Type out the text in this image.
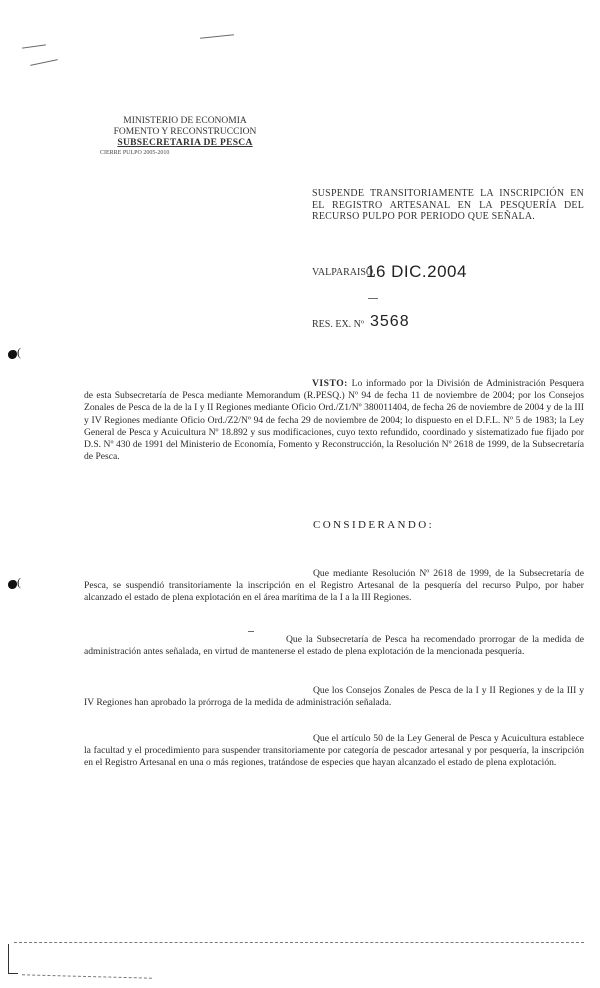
MINISTERIO DE ECONOMIA
FOMENTO Y RECONSTRUCCION
SUBSECRETARIA DE PESCA
CIERRE PULPO 2005-2010
SUSPENDE TRANSITORIAMENTE LA INSCRIPCIÓN EN EL REGISTRO ARTESANAL EN LA PESQUERÍA DEL RECURSO PULPO POR PERIODO QUE SEÑALA.
VALPARAISO,
16 DIC.2004
RES. EX. Nº 3568
(
(
VISTO: Lo informado por la División de Administración Pesquera de esta Subsecretaría de Pesca mediante Memorandum (R.PESQ.) Nº 94 de fecha 11 de noviembre de 2004; por los Consejos Zonales de Pesca de la de la I y II Regiones mediante Oficio Ord./Z1/Nº 380011404, de fecha 26 de noviembre de 2004 y de la III y IV Regiones mediante Oficio Ord./Z2/Nº 94 de fecha 29 de noviembre de 2004; lo dispuesto en el D.F.L. Nº 5 de 1983; la Ley General de Pesca y Acuicultura Nº 18.892 y sus modificaciones, cuyo texto refundido, coordinado y sistematizado fue fijado por D.S. Nº 430 de 1991 del Ministerio de Economía, Fomento y Reconstrucción, la Resolución Nº 2618 de 1999, de la Subsecretaría de Pesca.
CONSIDERANDO:
Que mediante Resolución Nº 2618 de 1999, de la Subsecretaría de Pesca, se suspendió transitoriamente la inscripción en el Registro Artesanal de la pesquería del recurso Pulpo, por haber alcanzado el estado de plena explotación en el área marítima de la I a la III Regiones.
Que la Subsecretaría de Pesca ha recomendado prorrogar de la medida de administración antes señalada, en virtud de mantenerse el estado de plena explotación de la mencionada pesquería.
Que los Consejos Zonales de Pesca de la I y II Regiones y de la III y IV Regiones han aprobado la prórroga de la medida de administración señalada.
Que el artículo 50 de la Ley General de Pesca y Acuicultura establece la facultad y el procedimiento para suspender transitoriamente por categoría de pescador artesanal y por pesquería, la inscripción en el Registro Artesanal en una o más regiones, tratándose de especies que hayan alcanzado el estado de plena explotación.
